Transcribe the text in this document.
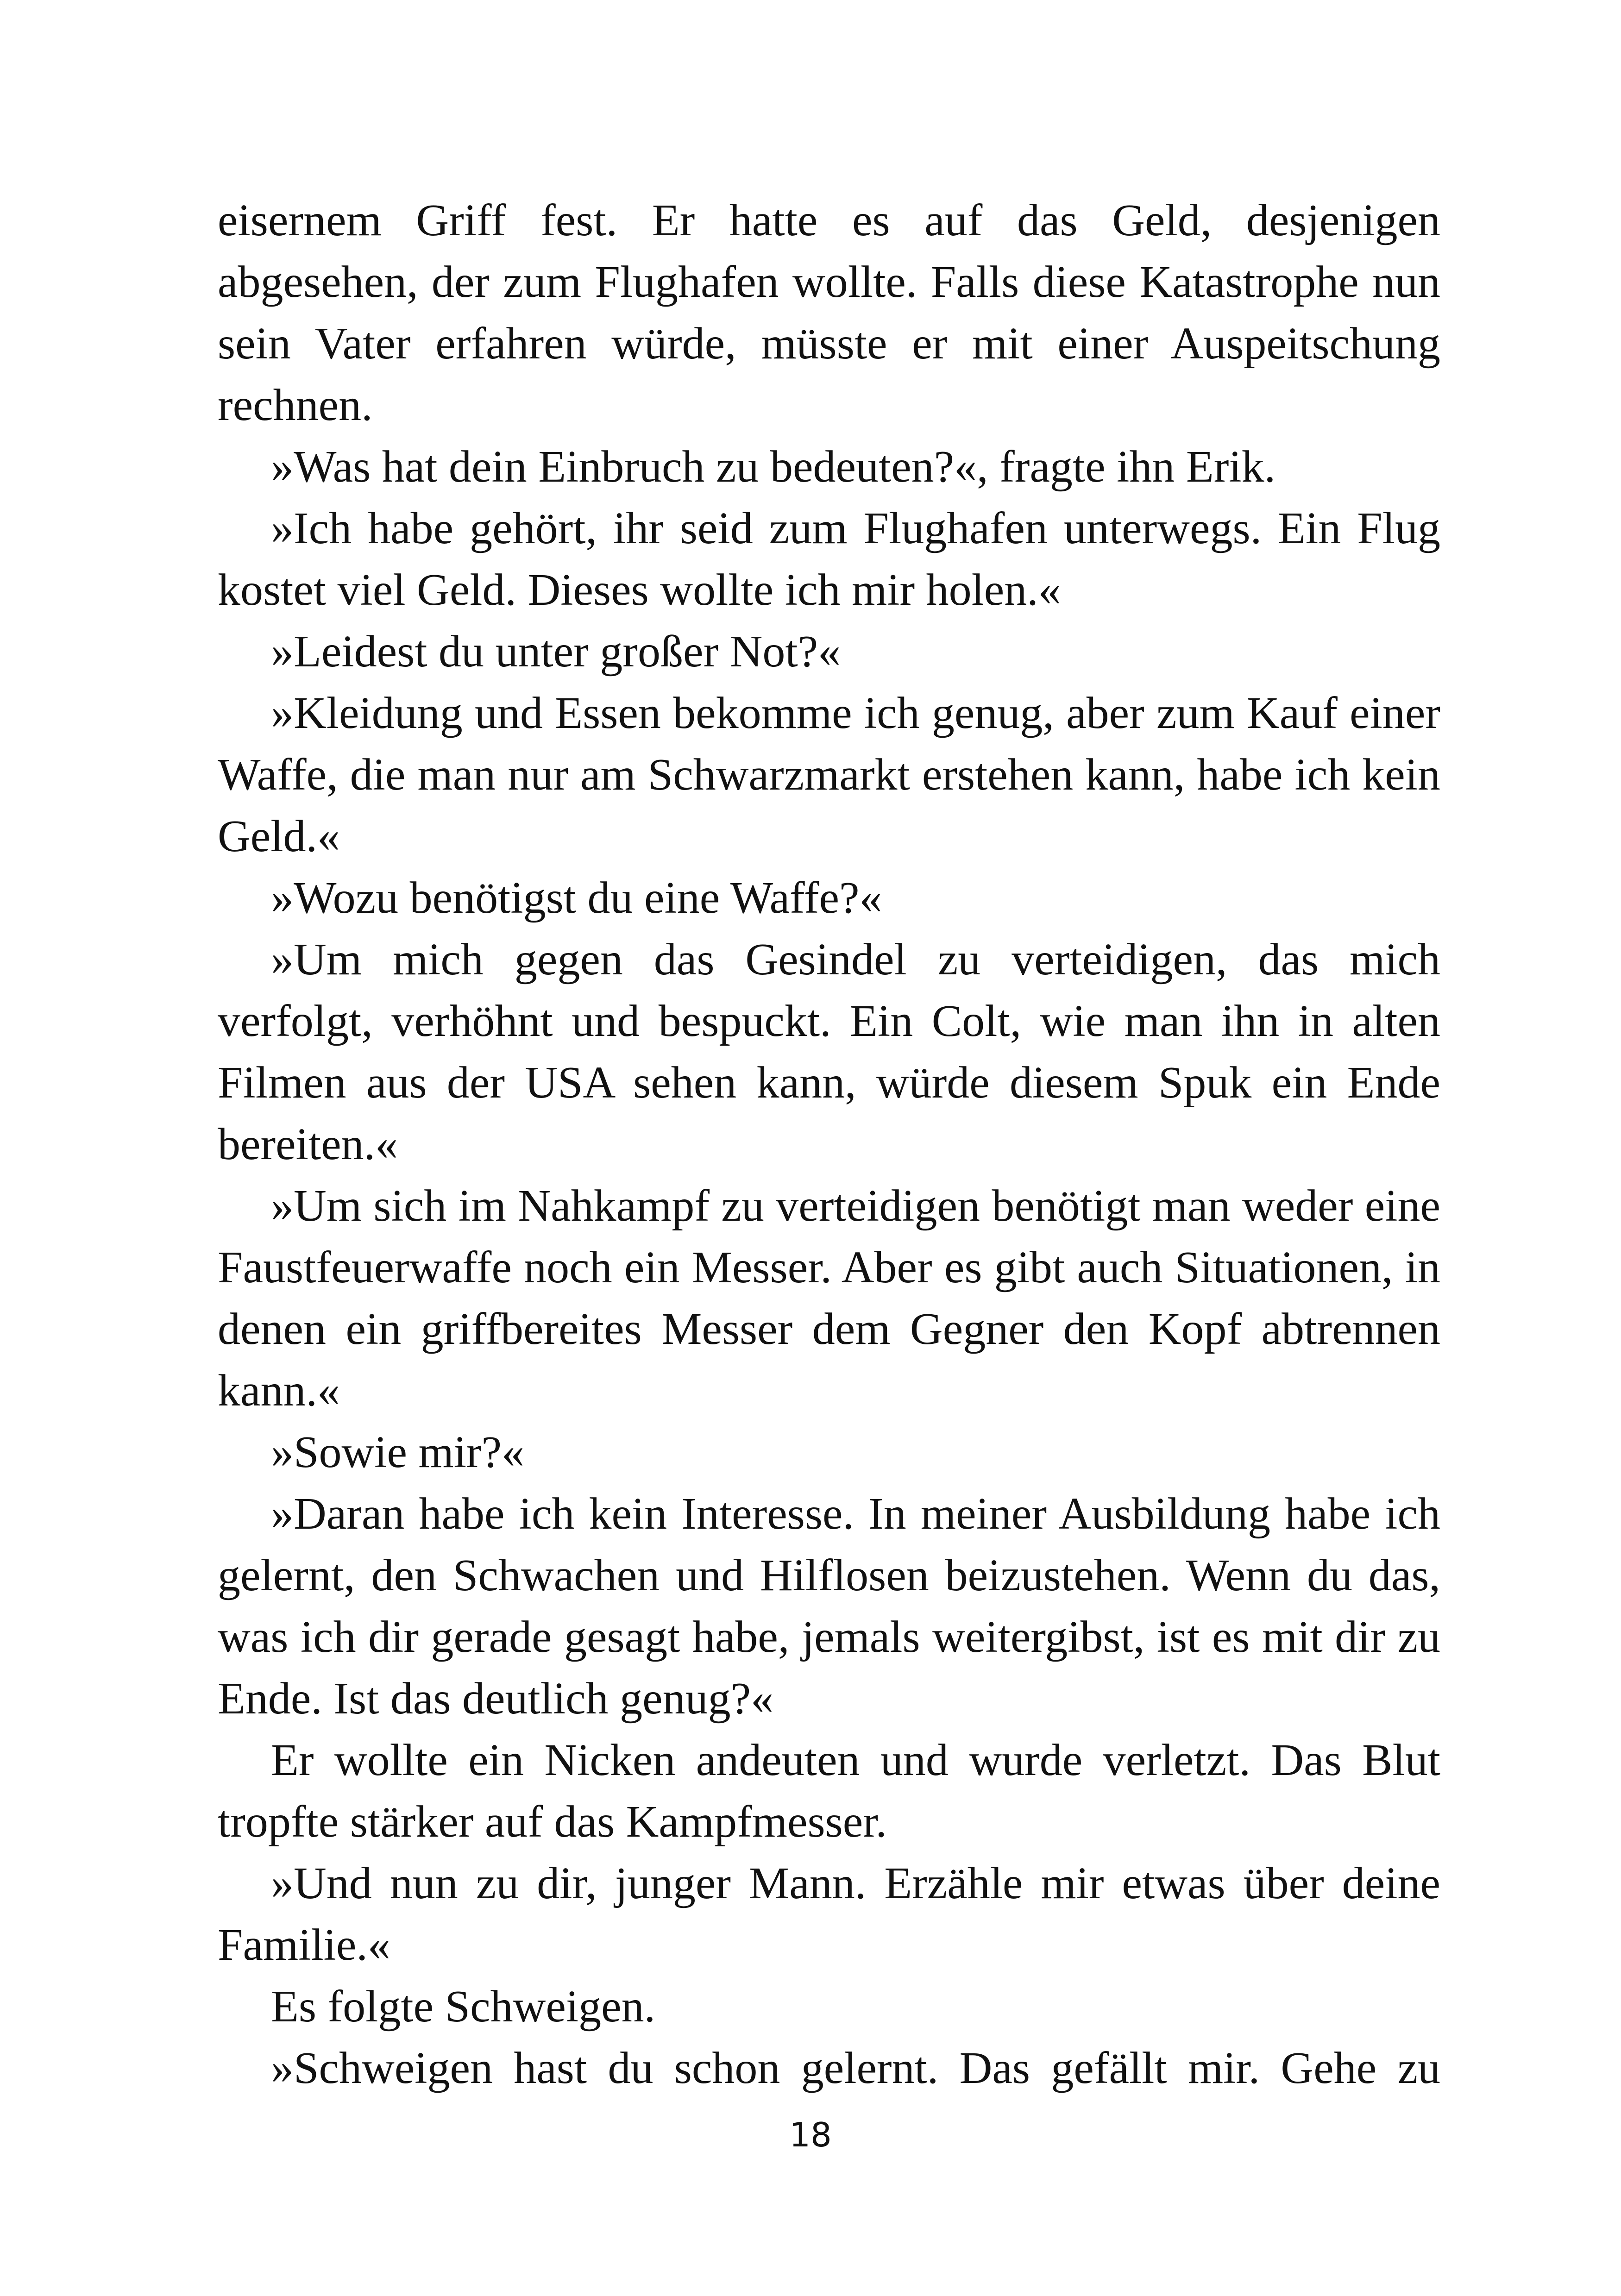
eisernem Griff fest. Er hatte es auf das Geld, desjenigen abgesehen, der zum Flughafen wollte. Falls diese Katastrophe nun sein Vater erfahren würde, müsste er mit einer Auspeitschung rechnen.

»Was hat dein Einbruch zu bedeuten?«, fragte ihn Erik.

»Ich habe gehört, ihr seid zum Flughafen unterwegs. Ein Flug kostet viel Geld. Dieses wollte ich mir holen.«

»Leidest du unter großer Not?«

»Kleidung und Essen bekomme ich genug, aber zum Kauf einer Waffe, die man nur am Schwarzmarkt erstehen kann, habe ich kein Geld.«

»Wozu benötigst du eine Waffe?«

»Um mich gegen das Gesindel zu verteidigen, das mich verfolgt, verhöhnt und bespuckt. Ein Colt, wie man ihn in alten Filmen aus der USA sehen kann, würde diesem Spuk ein Ende bereiten.«

»Um sich im Nahkampf zu verteidigen benötigt man weder eine Faustfeuerwaffe noch ein Messer. Aber es gibt auch Situationen, in denen ein griffbereites Messer dem Gegner den Kopf abtrennen kann.«

»Sowie mir?«

»Daran habe ich kein Interesse. In meiner Ausbildung habe ich gelernt, den Schwachen und Hilflosen beizustehen. Wenn du das, was ich dir gerade gesagt habe, jemals weitergibst, ist es mit dir zu Ende. Ist das deutlich genug?«

Er wollte ein Nicken andeuten und wurde verletzt. Das Blut tropfte stärker auf das Kampfmesser.

»Und nun zu dir, junger Mann. Erzähle mir etwas über deine Familie.«

Es folgte Schweigen.

»Schweigen hast du schon gelernt. Das gefällt mir. Gehe zu

18
